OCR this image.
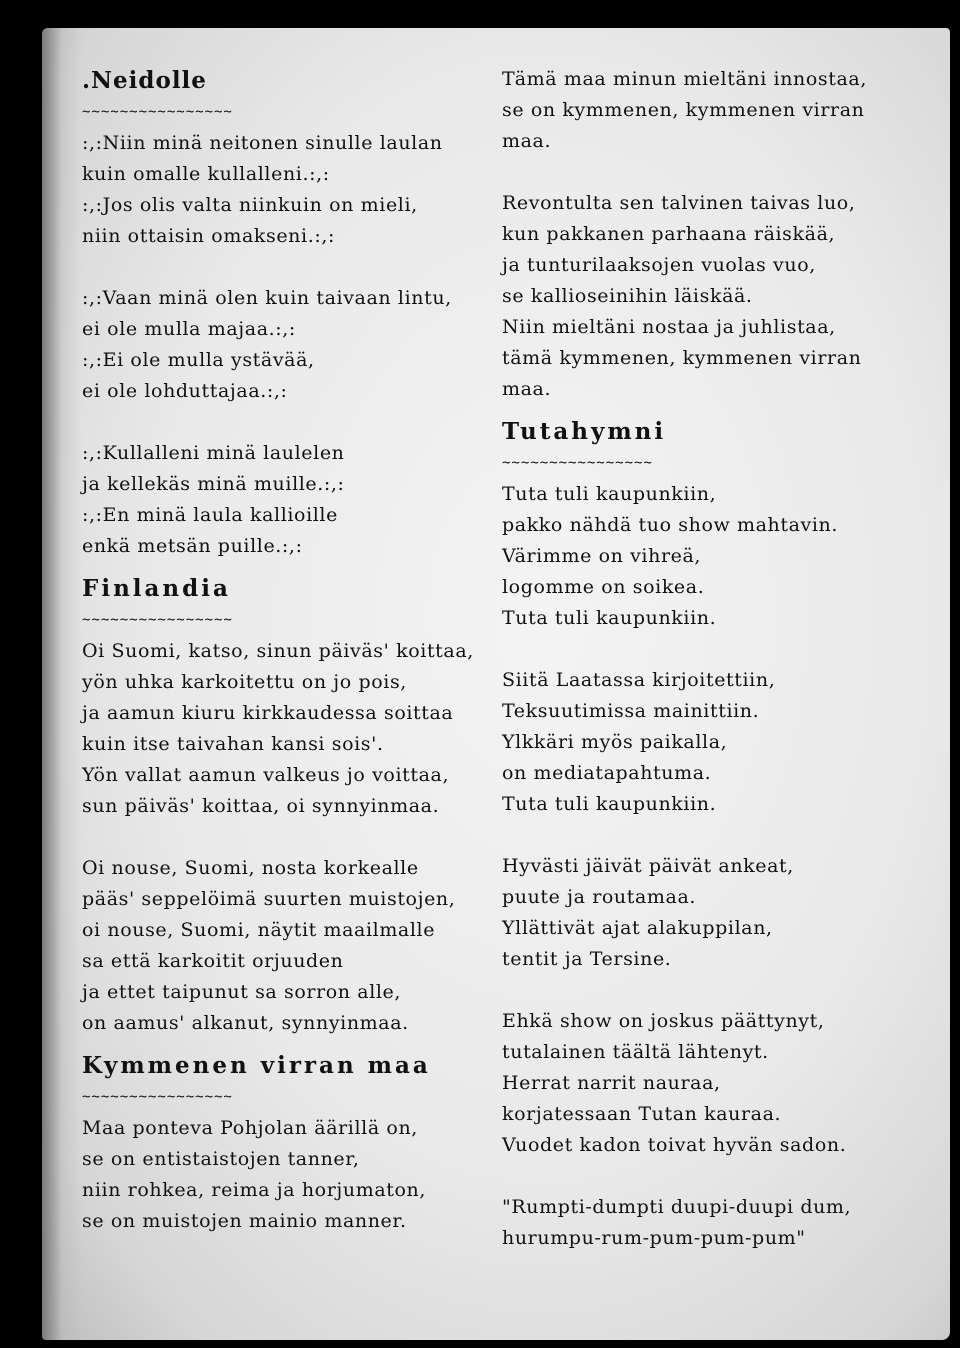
.Neidolle
~~~~~~~~~~~~~~~~
:,:Niin minä neitonen sinulle laulan
kuin omalle kullalleni.:,:
:,:Jos olis valta niinkuin on mieli,
niin ottaisin omakseni.:,:
:,:Vaan minä olen kuin taivaan lintu,
ei ole mulla majaa.:,:
:,:Ei ole mulla ystävää,
ei ole lohduttajaa.:,:
:,:Kullalleni minä laulelen
ja kellekäs minä muille.:,:
:,:En minä laula kallioille
enkä metsän puille.:,:
Finlandia
~~~~~~~~~~~~~~~~
Oi Suomi, katso, sinun päiväs' koittaa,
yön uhka karkoitettu on jo pois,
ja aamun kiuru kirkkaudessa soittaa
kuin itse taivahan kansi sois'.
Yön vallat aamun valkeus jo voittaa,
sun päiväs' koittaa, oi synnyinmaa.
Oi nouse, Suomi, nosta korkealle
pääs' seppelöimä suurten muistojen,
oi nouse, Suomi, näytit maailmalle
sa että karkoitit orjuuden
ja ettet taipunut sa sorron alle,
on aamus' alkanut, synnyinmaa.
Kymmenen virran maa
~~~~~~~~~~~~~~~~
Maa ponteva Pohjolan äärillä on,
se on entistaistojen tanner,
niin rohkea, reima ja horjumaton,
se on muistojen mainio manner.
Tämä maa minun mieltäni innostaa,
se on kymmenen, kymmenen virran
maa.
Revontulta sen talvinen taivas luo,
kun pakkanen parhaana räiskää,
ja tunturilaaksojen vuolas vuo,
se kallioseinihin läiskää.
Niin mieltäni nostaa ja juhlistaa,
tämä kymmenen, kymmenen virran
maa.
Tutahymni
~~~~~~~~~~~~~~~~
Tuta tuli kaupunkiin,
pakko nähdä tuo show mahtavin.
Värimme on vihreä,
logomme on soikea.
Tuta tuli kaupunkiin.
Siitä Laatassa kirjoitettiin,
Teksuutimissa mainittiin.
Ylkkäri myös paikalla,
on mediatapahtuma.
Tuta tuli kaupunkiin.
Hyvästi jäivät päivät ankeat,
puute ja routamaa.
Yllättivät ajat alakuppilan,
tentit ja Tersine.
Ehkä show on joskus päättynyt,
tutalainen täältä lähtenyt.
Herrat narrit nauraa,
korjatessaan Tutan kauraa.
Vuodet kadon toivat hyvän sadon.
"Rumpti-dumpti duupi-duupi dum,
hurumpu-rum-pum-pum-pum"
